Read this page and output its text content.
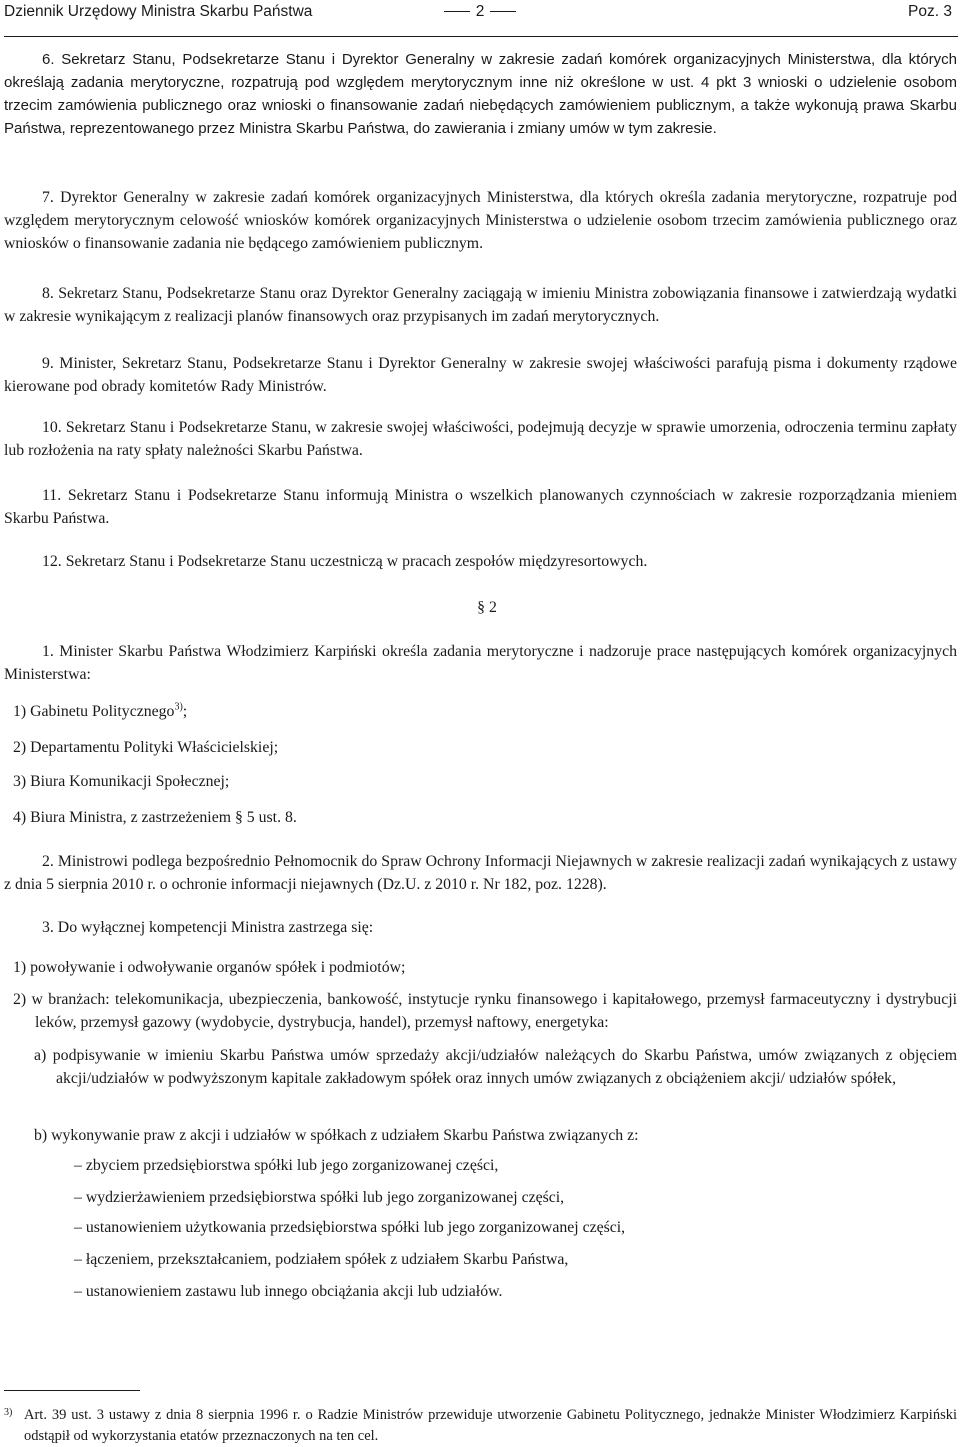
Dziennik Urzędowy Ministra Skarbu Państwa	2	Poz. 3

6. Sekretarz Stanu, Podsekretarze Stanu i Dyrektor Generalny w zakresie zadań komórek organizacyjnych Ministerstwa, dla których określają zadania merytoryczne, rozpatrują pod względem merytorycznym inne niż określone w ust. 4 pkt 3 wnioski o udzielenie osobom trzecim zamówienia publicznego oraz wnioski o finansowanie zadań niebędących zamówieniem publicznym, a także wykonują prawa Skarbu Państwa, reprezentowanego przez Ministra Skarbu Państwa, do zawierania i zmiany umów w tym zakresie.

7. Dyrektor Generalny w zakresie zadań komórek organizacyjnych Ministerstwa, dla których określa zadania merytoryczne, rozpatruje pod względem merytorycznym celowość wniosków komórek organizacyjnych Ministerstwa o udzielenie osobom trzecim zamówienia publicznego oraz wniosków o finansowanie zadania nie będącego zamówieniem publicznym.

8. Sekretarz Stanu, Podsekretarze Stanu oraz Dyrektor Generalny zaciągają w imieniu Ministra zobowiązania finansowe i zatwierdzają wydatki w zakresie wynikającym z realizacji planów finansowych oraz przypisanych im zadań merytorycznych.

9. Minister, Sekretarz Stanu, Podsekretarze Stanu i Dyrektor Generalny w zakresie swojej właściwości parafują pisma i dokumenty rządowe kierowane pod obrady komitetów Rady Ministrów.

10. Sekretarz Stanu i Podsekretarze Stanu, w zakresie swojej właściwości, podejmują decyzje w sprawie umorzenia, odroczenia terminu zapłaty lub rozłożenia na raty spłaty należności Skarbu Państwa.

11. Sekretarz Stanu i Podsekretarze Stanu informują Ministra o wszelkich planowanych czynnościach w zakresie rozporządzania mieniem Skarbu Państwa.

12. Sekretarz Stanu i Podsekretarze Stanu uczestniczą w pracach zespołów międzyresortowych.

§ 2

1. Minister Skarbu Państwa Włodzimierz Karpiński określa zadania merytoryczne i nadzoruje prace następujących komórek organizacyjnych Ministerstwa:

1) Gabinetu Politycznego$^{3)}$;

2) Departamentu Polityki Właścicielskiej;

3) Biura Komunikacji Społecznej;

4) Biura Ministra, z zastrzeżeniem § 5 ust. 8.

2. Ministrowi podlega bezpośrednio Pełnomocnik do Spraw Ochrony Informacji Niejawnych w zakresie realizacji zadań wynikających z ustawy z dnia 5 sierpnia 2010 r. o ochronie informacji niejawnych (Dz.U. z 2010 r. Nr 182, poz. 1228).

3. Do wyłącznej kompetencji Ministra zastrzega się:

1) powoływanie i odwoływanie organów spółek i podmiotów;

2) w branżach: telekomunikacja, ubezpieczenia, bankowość, instytucje rynku finansowego i kapitałowego, przemysł farmaceutyczny i dystrybucji leków, przemysł gazowy (wydobycie, dystrybucja, handel), przemysł naftowy, energetyka:

a) podpisywanie w imieniu Skarbu Państwa umów sprzedaży akcji/udziałów należących do Skarbu Państwa, umów związanych z objęciem akcji/udziałów w podwyższonym kapitale zakładowym spółek oraz innych umów związanych z obciążeniem akcji/ udziałów spółek,

b) wykonywanie praw z akcji i udziałów w spółkach z udziałem Skarbu Państwa związanych z:

– zbyciem przedsiębiorstwa spółki lub jego zorganizowanej części,

– wydzierżawieniem przedsiębiorstwa spółki lub jego zorganizowanej części,

– ustanowieniem użytkowania przedsiębiorstwa spółki lub jego zorganizowanej części,

– łączeniem, przekształcaniem, podziałem spółek z udziałem Skarbu Państwa,

– ustanowieniem zastawu lub innego obciążania akcji lub udziałów.

3) Art. 39 ust. 3 ustawy z dnia 8 sierpnia 1996 r. o Radzie Ministrów przewiduje utworzenie Gabinetu Politycznego, jednakże Minister Włodzimierz Karpiński odstąpił od wykorzystania etatów przeznaczonych na ten cel.
